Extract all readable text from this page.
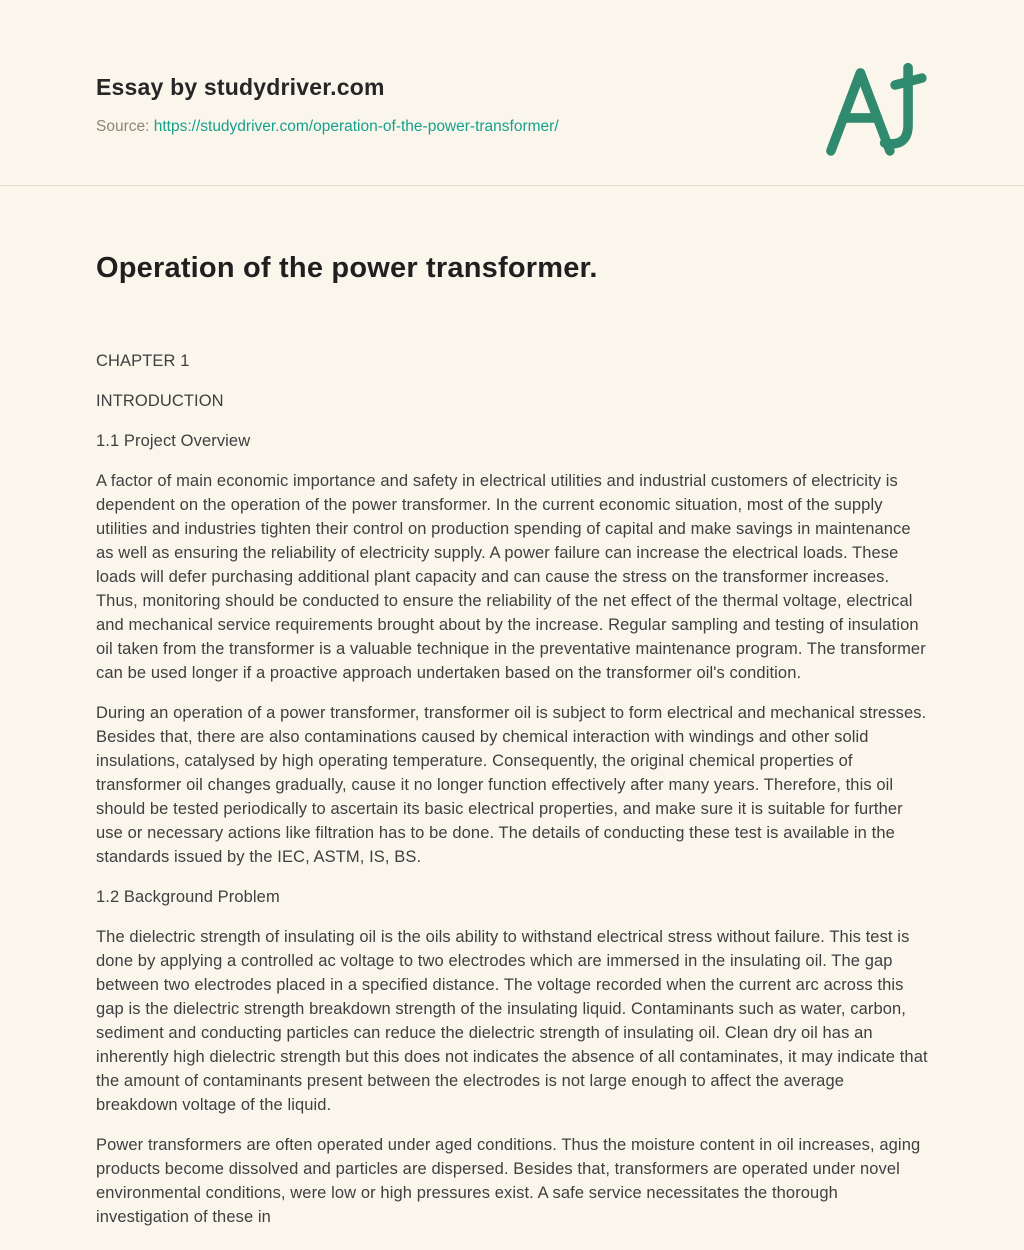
Essay by studydriver.com
Source: https://studydriver.com/operation-of-the-power-transformer/
Operation of the power transformer.

CHAPTER 1

INTRODUCTION

1.1 Project Overview

A factor of main economic importance and safety in electrical utilities and industrial customers of electricity is dependent on the operation of the power transformer. In the current economic situation, most of the supply utilities and industries tighten their control on production spending of capital and make savings in maintenance as well as ensuring the reliability of electricity supply. A power failure can increase the electrical loads. These loads will defer purchasing additional plant capacity and can cause the stress on the transformer increases. Thus, monitoring should be conducted to ensure the reliability of the net effect of the thermal voltage, electrical and mechanical service requirements brought about by the increase. Regular sampling and testing of insulation oil taken from the transformer is a valuable technique in the preventative maintenance program. The transformer can be used longer if a proactive approach undertaken based on the transformer oil's condition.

During an operation of a power transformer, transformer oil is subject to form electrical and mechanical stresses. Besides that, there are also contaminations caused by chemical interaction with windings and other solid insulations, catalysed by high operating temperature. Consequently, the original chemical properties of transformer oil changes gradually, cause it no longer function effectively after many years. Therefore, this oil should be tested periodically to ascertain its basic electrical properties, and make sure it is suitable for further use or necessary actions like filtration has to be done. The details of conducting these test is available in the standards issued by the IEC, ASTM, IS, BS.

1.2 Background Problem

The dielectric strength of insulating oil is the oils ability to withstand electrical stress without failure. This test is done by applying a controlled ac voltage to two electrodes which are immersed in the insulating oil. The gap between two electrodes placed in a specified distance. The voltage recorded when the current arc across this gap is the dielectric strength breakdown strength of the insulating liquid. Contaminants such as water, carbon, sediment and conducting particles can reduce the dielectric strength of insulating oil. Clean dry oil has an inherently high dielectric strength but this does not indicates the absence of all contaminates, it may indicate that the amount of contaminants present between the electrodes is not large enough to affect the average breakdown voltage of the liquid.

Power transformers are often operated under aged conditions. Thus the moisture content in oil increases, aging products become dissolved and particles are dispersed. Besides that, transformers are operated under novel environmental conditions, were low or high pressures exist. A safe service necessitates the thorough investigation of these in
